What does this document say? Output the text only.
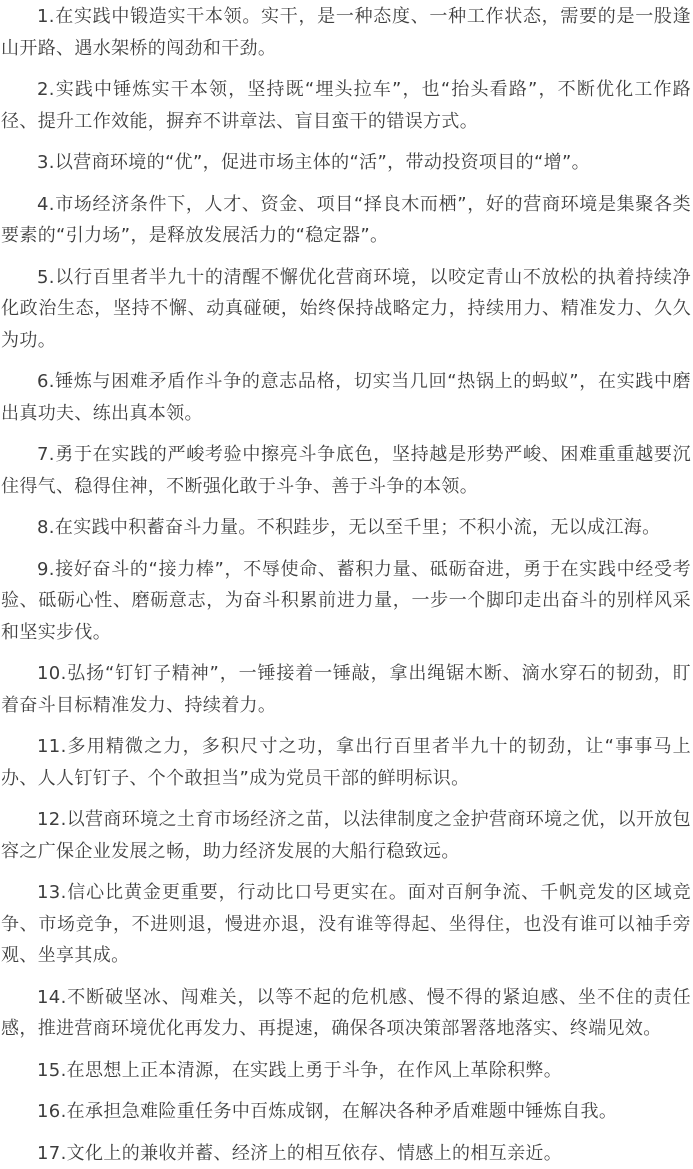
1.在实践中锻造实干本领。实干，是一种态度、一种工作状态，需要的是一股逢山开路、遇水架桥的闯劲和干劲。

2.实践中锤炼实干本领，坚持既“埋头拉车”，也“抬头看路”，不断优化工作路径、提升工作效能，摒弃不讲章法、盲目蛮干的错误方式。

3.以营商环境的“优”，促进市场主体的“活”，带动投资项目的“增”。

4.市场经济条件下，人才、资金、项目“择良木而栖”，好的营商环境是集聚各类要素的“引力场”，是释放发展活力的“稳定器”。

5.以行百里者半九十的清醒不懈优化营商环境，以咬定青山不放松的执着持续净化政治生态，坚持不懈、动真碰硬，始终保持战略定力，持续用力、精准发力、久久为功。

6.锤炼与困难矛盾作斗争的意志品格，切实当几回“热锅上的蚂蚁”，在实践中磨出真功夫、练出真本领。

7.勇于在实践的严峻考验中擦亮斗争底色，坚持越是形势严峻、困难重重越要沉住得气、稳得住神，不断强化敢于斗争、善于斗争的本领。

8.在实践中积蓄奋斗力量。不积跬步，无以至千里；不积小流，无以成江海。

9.接好奋斗的“接力棒”，不辱使命、蓄积力量、砥砺奋进，勇于在实践中经受考验、砥砺心性、磨砺意志，为奋斗积累前进力量，一步一个脚印走出奋斗的别样风采和坚实步伐。

10.弘扬“钉钉子精神”，一锤接着一锤敲，拿出绳锯木断、滴水穿石的韧劲，盯着奋斗目标精准发力、持续着力。

11.多用精微之力，多积尺寸之功，拿出行百里者半九十的韧劲，让“事事马上办、人人钉钉子、个个敢担当”成为党员干部的鲜明标识。

12.以营商环境之土育市场经济之苗，以法律制度之金护营商环境之优，以开放包容之广保企业发展之畅，助力经济发展的大船行稳致远。

13.信心比黄金更重要，行动比口号更实在。面对百舸争流、千帆竞发的区域竞争、市场竞争，不进则退，慢进亦退，没有谁等得起、坐得住，也没有谁可以袖手旁观、坐享其成。

14.不断破坚冰、闯难关，以等不起的危机感、慢不得的紧迫感、坐不住的责任感，推进营商环境优化再发力、再提速，确保各项决策部署落地落实、终端见效。

15.在思想上正本清源，在实践上勇于斗争，在作风上革除积弊。

16.在承担急难险重任务中百炼成钢，在解决各种矛盾难题中锤炼自我。

17.文化上的兼收并蓄、经济上的相互依存、情感上的相互亲近。
